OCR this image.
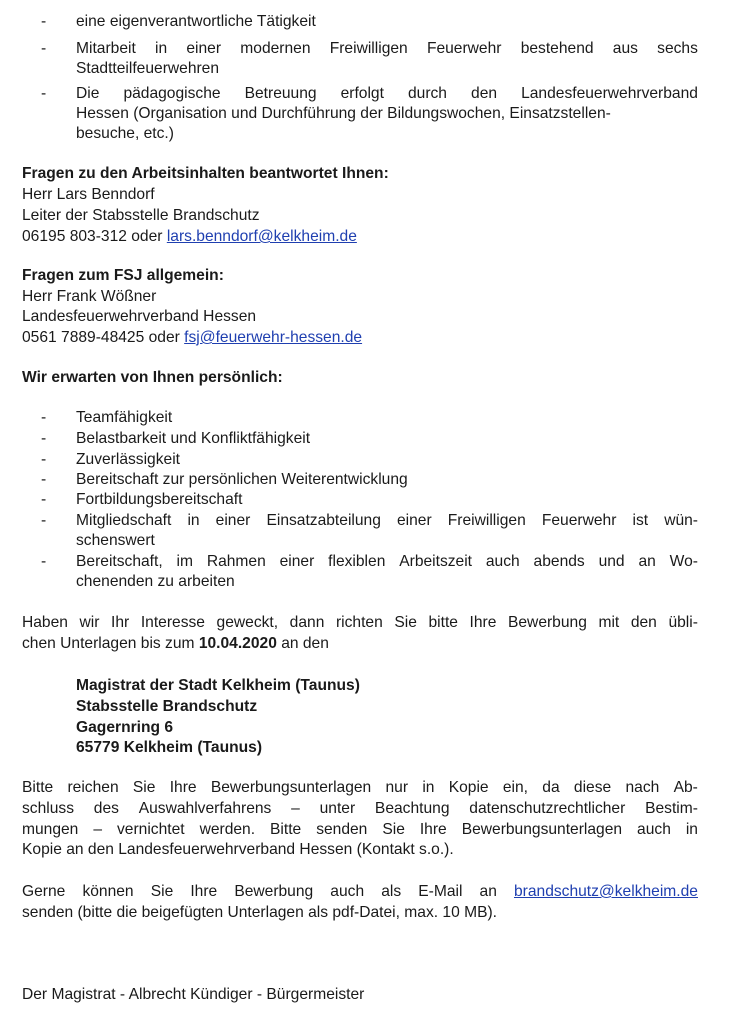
- eine eigenverantwortliche Tätigkeit
- Mitarbeit in einer modernen Freiwilligen Feuerwehr bestehend aus sechs
Stadtteilfeuerwehren
- Die pädagogische Betreuung erfolgt durch den Landesfeuerwehrverband
Hessen (Organisation und Durchführung der Bildungswochen, Einsatzstellen-
besuche, etc.)
Fragen zu den Arbeitsinhalten beantwortet Ihnen:
Herr Lars Benndorf
Leiter der Stabsstelle Brandschutz
06195 803-312 oder lars.benndorf@kelkheim.de
Fragen zum FSJ allgemein:
Herr Frank Wößner
Landesfeuerwehrverband Hessen
0561 7889-48425 oder fsj@feuerwehr-hessen.de
Wir erwarten von Ihnen persönlich:
- Teamfähigkeit
- Belastbarkeit und Konfliktfähigkeit
- Zuverlässigkeit
- Bereitschaft zur persönlichen Weiterentwicklung
- Fortbildungsbereitschaft
- Mitgliedschaft in einer Einsatzabteilung einer Freiwilligen Feuerwehr ist wün-
schenswert
- Bereitschaft, im Rahmen einer flexiblen Arbeitszeit auch abends und an Wo-
chenenden zu arbeiten
Haben wir Ihr Interesse geweckt, dann richten Sie bitte Ihre Bewerbung mit den übli-
chen Unterlagen bis zum 10.04.2020 an den
Magistrat der Stadt Kelkheim (Taunus)
Stabsstelle Brandschutz
Gagernring 6
65779 Kelkheim (Taunus)
Bitte reichen Sie Ihre Bewerbungsunterlagen nur in Kopie ein, da diese nach Ab-
schluss des Auswahlverfahrens – unter Beachtung datenschutzrechtlicher Bestim-
mungen – vernichtet werden. Bitte senden Sie Ihre Bewerbungsunterlagen auch in
Kopie an den Landesfeuerwehrverband Hessen (Kontakt s.o.).
Gerne können Sie Ihre Bewerbung auch als E-Mail an brandschutz@kelkheim.de
senden (bitte die beigefügten Unterlagen als pdf-Datei, max. 10 MB).
Der Magistrat - Albrecht Kündiger - Bürgermeister
